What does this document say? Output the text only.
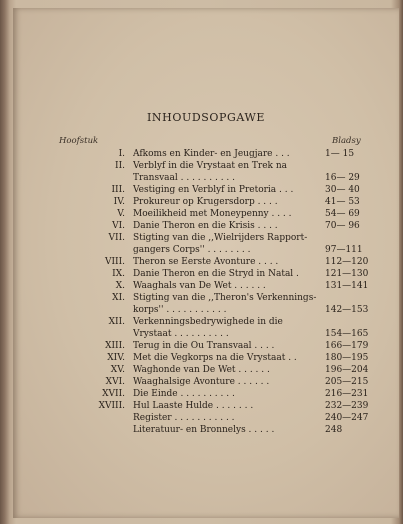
INHOUDSOPGAWE
Hoofstuk	Bladsy
I. Afkoms en Kinder- en Jeugjare . . .	1— 15
II. Verblyf in die Vrystaat en Trek na
Transvaal . . . . . . . . . .	16— 29
III. Vestiging en Verblyf in Pretoria . . .	30— 40
IV. Prokureur op Krugersdorp . . . .	41— 53
V. Moeilikheid met Moneypenny . . . .	54— 69
VI. Danie Theron en die Krisis . . . .	70— 96
VII. Stigting van die ,,Wielrijders Rapport-
gangers Corps'' . . . . . . . .	97—111
VIII. Theron se Eerste Avonture . . . .	112—120
IX. Danie Theron en die Stryd in Natal .	121—130
X. Waaghals van De Wet . . . . . .	131—141
XI. Stigting van die ,,Theron's Verkennings-
korps'' . . . . . . . . . . .	142—153
XII. Verkenningsbedrywighede in die
Vrystaat . . . . . . . . . .	154—165
XIII. Terug in die Ou Transvaal . . . .	166—179
XIV. Met die Vegkorps na die Vrystaat . .	180—195
XV. Waghonde van De Wet . . . . . .	196—204
XVI. Waaghalsige Avonture . . . . . .	205—215
XVII. Die Einde . . . . . . . . . .	216—231
XVIII. Hul Laaste Hulde . . . . . . .	232—239
Register . . . . . . . . . . .	240—247
Literatuur- en Bronnelys . . . . .	248
